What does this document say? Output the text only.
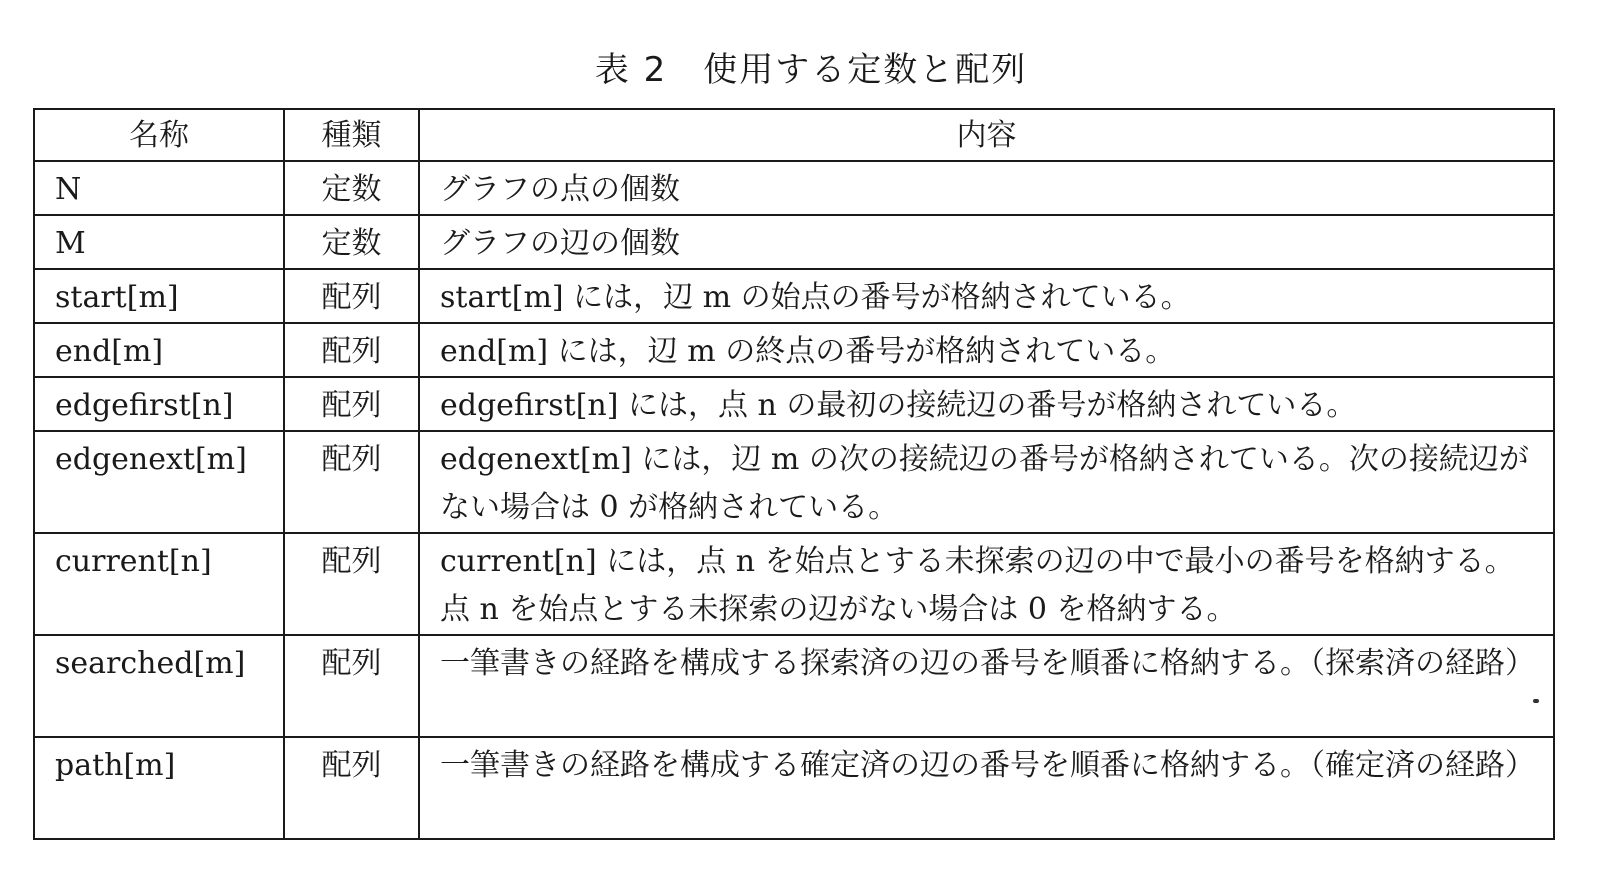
表 2　使用する定数と配列
名称	種類	内容
N	定数	グラフの点の個数
M	定数	グラフの辺の個数
start[m]	配列	start[m] には，辺 m の始点の番号が格納されている。
end[m]	配列	end[m] には，辺 m の終点の番号が格納されている。
edgefirst[n]	配列	edgefirst[n] には，点 n の最初の接続辺の番号が格納されている。
edgenext[m]	配列	edgenext[m] には，辺 m の次の接続辺の番号が格納されている。次の接続辺がない場合は 0 が格納されている。
current[n]	配列	current[n] には，点 n を始点とする未探索の辺の中で最小の番号を格納する。点 n を始点とする未探索の辺がない場合は 0 を格納する。
searched[m]	配列	一筆書きの経路を構成する探索済の辺の番号を順番に格納する。（探索済の経路）
path[m]	配列	一筆書きの経路を構成する確定済の辺の番号を順番に格納する。（確定済の経路）
